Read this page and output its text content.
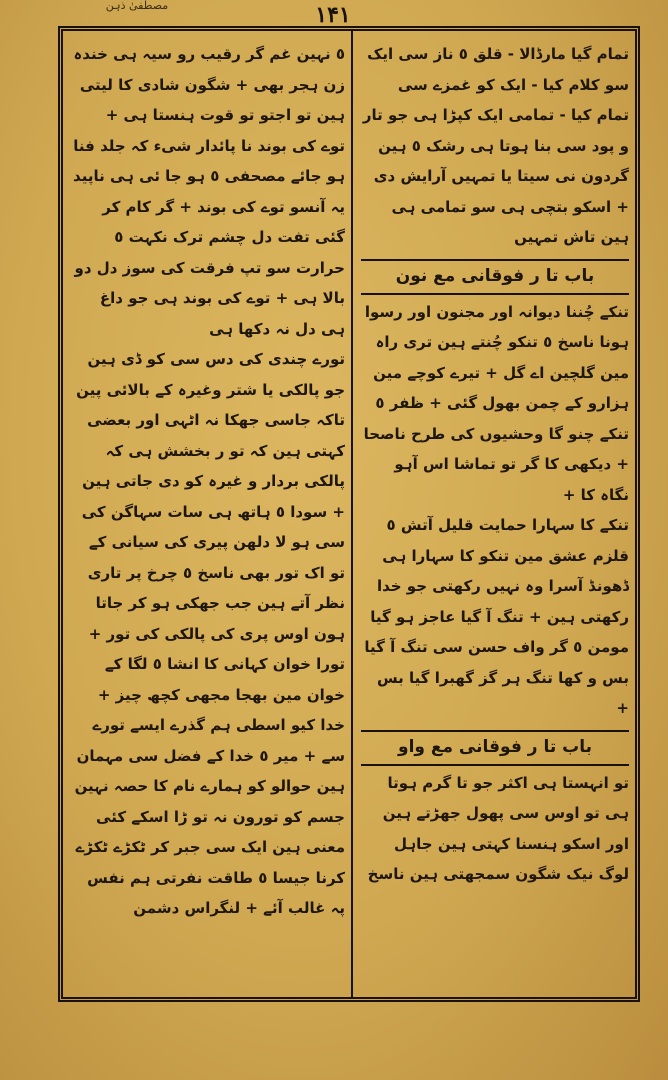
مصطفیٰ ذہن	۱۴۱

تمام گیا مارڈالا - قلق ٥ ناز سی ایک سو کلام کیا - ایک کو غمزے سی تمام کیا - تمامی ایک کپڑا ہی جو تار و پود سی بنا ہوتا ہی رشک ٥ ہین گردون نی سیتا یا تمہیں آرایش دی + اسکو بتچی ہی سو تمامی ہی ہین تاش تمہیں

باب تا ر فوقانی مع نون

تنکے چُننا دیوانہ اور مجنون اور رسوا ہونا ناسخ ٥ تنکو چُنتے ہین تری راہ مین گلچین اے گل + تیرے کوچے مین ہزارو کے چمن بھول گئی + ظفر ٥ تنکے چنو گا وحشیوں کی طرح ناصحا + دیکھی کا گر تو تماشا اس آہو نگاہ کا +

تنکے کا سہارا حمایت قلیل آتش ٥ قلزم عشق مین تنکو کا سہارا ہی ڈھونڈ آسرا وہ نہیں رکھتی جو خدا رکھتی ہین + تنگ آ گیا عاجز ہو گیا مومن ٥ گر واف حسن سی تنگ آ گیا بس و کھا تنگ ہر گز گھبرا گیا بس +

باب تا ر فوقانی مع واو

تو انہستا ہی اکثر جو تا گرم ہوتا ہی تو اوس سی پھول جھڑتے ہین اور اسکو ہنسنا کہتی ہین جاہل لوگ نیک شگون سمجھتی ہین ناسخ

٥ نہین غم گر رقیب رو سیہ ہی خندہ زن ہجر بھی + شگون شادی کا لیتی ہین تو اجتو تو قوت ہنستا ہی +

توے کی بوند نا پائدار شیء کہ جلد فنا ہو جائے مصحفی ٥ ہو جا ئی ہی ناپید یہ آنسو توے کی بوند + گر کام کر گئی تفت دل چشم ترک نکہت ٥ حرارت سو تپ فرقت کی سوز دل دو بالا ہی + توے کی بوند ہی جو داغ ہی دل نہ دکھا ہی

تورے چندی کی دس سی کو ڈی ہین جو پالکی یا شتر وغیرہ کے بالائی پین تاکہ جاسی جھکا نہ اٹہی اور بعضی کہتی ہین کہ تو ر بخشش ہی کہ پالکی بردار و غیرہ کو دی جاتی ہین + سودا ٥ ہاتھ ہی سات سہاگن کی سی ہو لا دلھن پیری کی سیانی کے تو اک تور بھی ناسخ ٥ چرخ پر تاری نظر آتے ہین جب جھکی ہو کر جاتا ہون اوس پری کی پالکی کی تور + تورا خوان کہانی کا انشا ٥ لگا کے خوان مین بھجا مجھی کچھ چیز + خدا کیو اسطی ہم گذرے ایسے تورے سے + میر ٥ خدا کے فضل سی مہمان ہین حوالو کو ہمارے نام کا حصہ نہین جسم کو تورون نہ تو ڑا اسکے کئی معنی ہین ایک سی جبر کر ٹکڑے ٹکڑے کرنا جیسا ٥ طاقت نفرتی ہم نفس پہ غالب آئے + لنگراس دشمن
